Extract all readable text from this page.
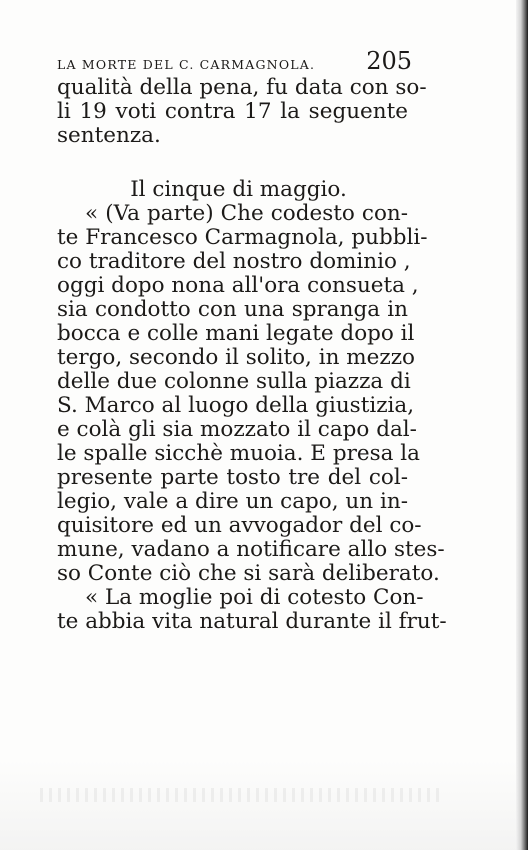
LA MORTE DEL C. CARMAGNOLA. 205
qualità della pena, fu data con so-
li 19 voti contra 17 la seguente
sentenza.
Il cinque di maggio.
« (Va parte) Che codesto con-
te Francesco Carmagnola, pubbli-
co traditore del nostro dominio ,
oggi dopo nona all'ora consueta ,
sia condotto con una spranga in
bocca e colle mani legate dopo il
tergo, secondo il solito, in mezzo
delle due colonne sulla piazza di
S. Marco al luogo della giustizia,
e colà gli sia mozzato il capo dal-
le spalle sicchè muoia. E presa la
presente parte tosto tre del col-
legio, vale a dire un capo, un in-
quisitore ed un avvogador del co-
mune, vadano a notificare allo stes-
so Conte ciò che si sarà deliberato.
« La moglie poi di cotesto Con-
te abbia vita natural durante il frut-
